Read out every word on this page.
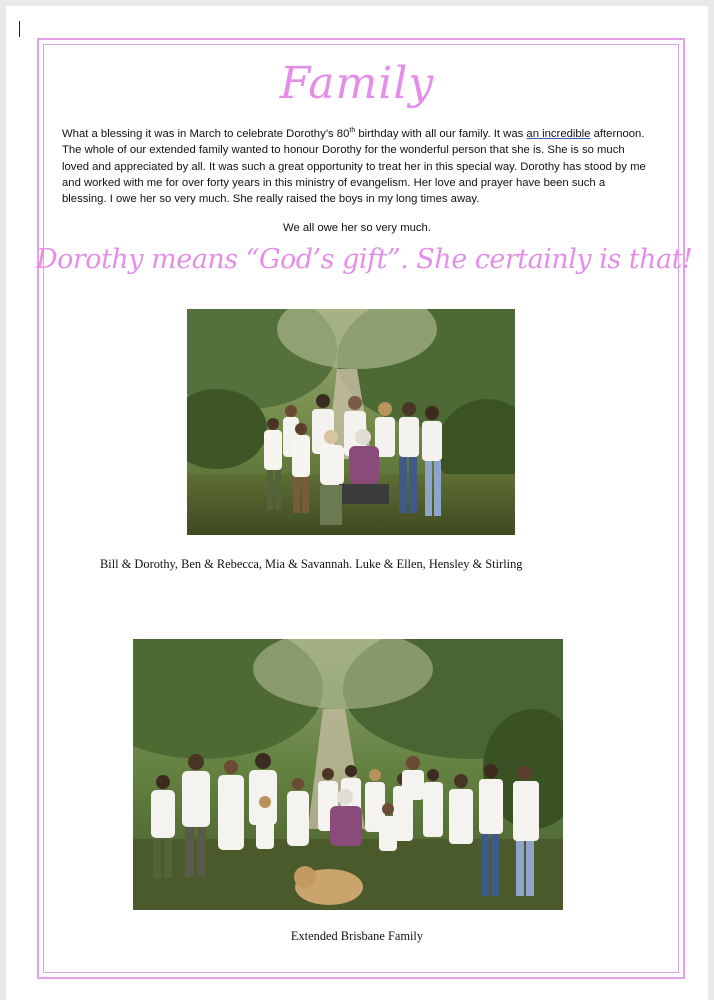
Family
What a blessing it was in March to celebrate Dorothy’s 80th birthday with all our family. It was an incredible afternoon. The whole of our extended family wanted to honour Dorothy for the wonderful person that she is. She is so much loved and appreciated by all. It was such a great opportunity to treat her in this special way. Dorothy has stood by me and worked with me for over forty years in this ministry of evangelism. Her love and prayer have been such a blessing. I owe her so very much. She really raised the boys in my long times away.
We all owe her so very much.
Dorothy means “God’s gift”. She certainly is that!
Bill & Dorothy, Ben & Rebecca, Mia & Savannah. Luke & Ellen, Hensley & Stirling
Extended Brisbane Family
